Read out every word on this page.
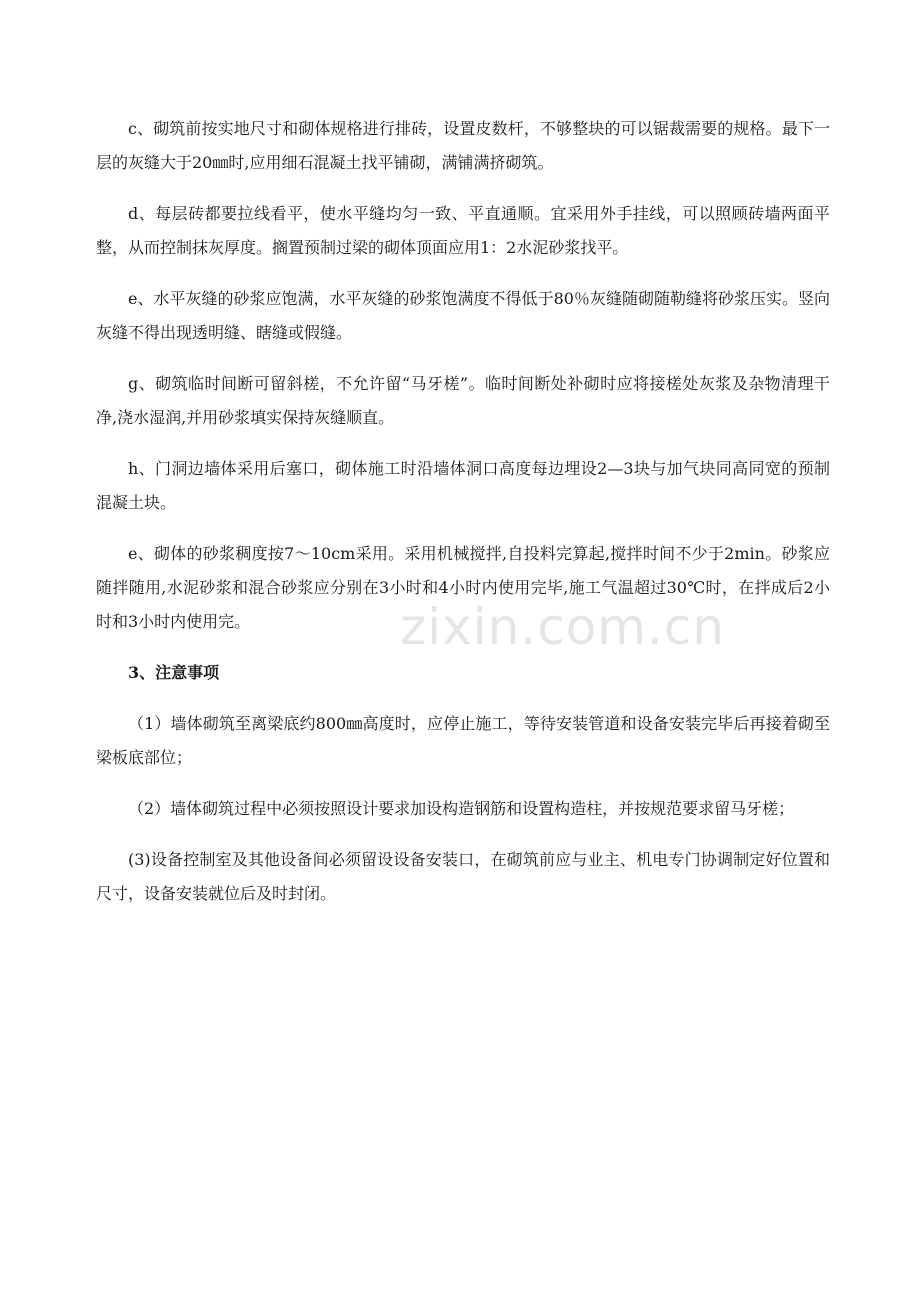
c、砌筑前按实地尺寸和砌体规格进行排砖，设置皮数杆，不够整块的可以锯裁需要的规格。最下一层的灰缝大于20㎜时,应用细石混凝土找平铺砌，满铺满挤砌筑。

d、每层砖都要拉线看平，使水平缝均匀一致、平直通顺。宜采用外手挂线，可以照顾砖墙两面平整，从而控制抹灰厚度。搁置预制过梁的砌体顶面应用1：2水泥砂浆找平。

e、水平灰缝的砂浆应饱满，水平灰缝的砂浆饱满度不得低于80％灰缝随砌随勒缝将砂浆压实。竖向灰缝不得出现透明缝、瞎缝或假缝。

g、砌筑临时间断可留斜槎，不允许留“马牙槎”。临时间断处补砌时应将接槎处灰浆及杂物清理干净,浇水湿润,并用砂浆填实保持灰缝顺直。

h、门洞边墙体采用后塞口，砌体施工时沿墙体洞口高度每边埋设2—3块与加气块同高同宽的预制混凝土块。

e、砌体的砂浆稠度按7～10cm采用。采用机械搅拌,自投料完算起,搅拌时间不少于2min。砂浆应随拌随用,水泥砂浆和混合砂浆应分别在3小时和4小时内使用完毕,施工气温超过30℃时，在拌成后2小时和3小时内使用完。

3、注意事项

（1）墙体砌筑至离梁底约800㎜高度时，应停止施工，等待安装管道和设备安装完毕后再接着砌至梁板底部位；

（2）墙体砌筑过程中必须按照设计要求加设构造钢筋和设置构造柱，并按规范要求留马牙槎；

(3)设备控制室及其他设备间必须留设设备安装口，在砌筑前应与业主、机电专门协调制定好位置和尺寸，设备安装就位后及时封闭。

zixin.com.cn
